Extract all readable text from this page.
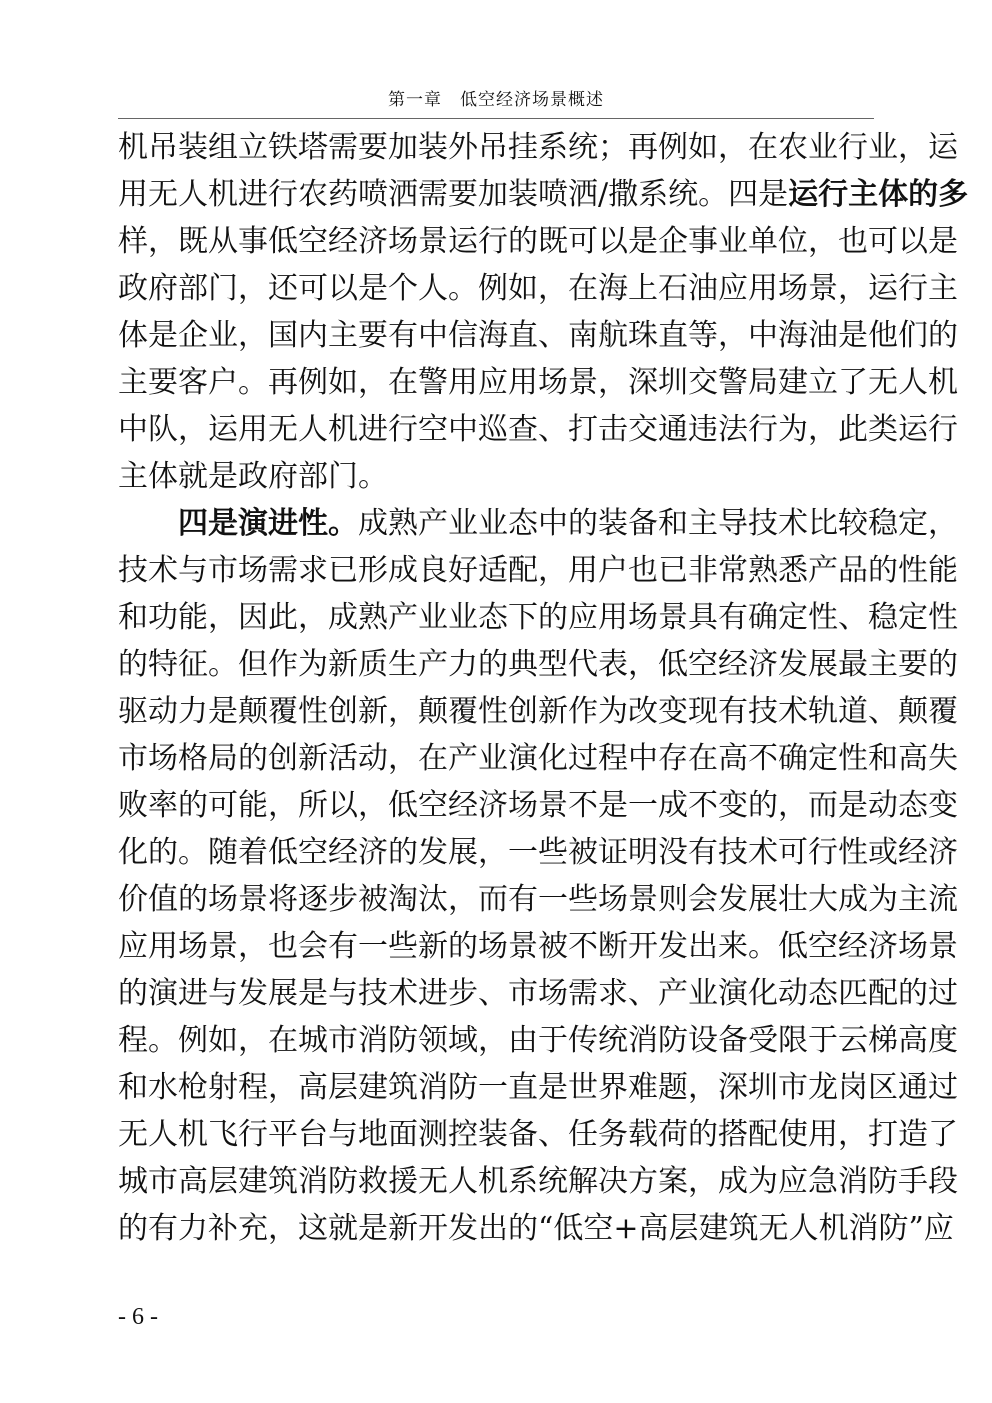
第一章　低空经济场景概述
机吊装组立铁塔需要加装外吊挂系统；再例如，在农业行业，运
用无人机进行农药喷洒需要加装喷洒/撒系统。四是运行主体的多
样，既从事低空经济场景运行的既可以是企事业单位，也可以是
政府部门，还可以是个人。例如，在海上石油应用场景，运行主
体是企业，国内主要有中信海直、南航珠直等，中海油是他们的
主要客户。再例如，在警用应用场景，深圳交警局建立了无人机
中队，运用无人机进行空中巡查、打击交通违法行为，此类运行
主体就是政府部门。
四是演进性。成熟产业业态中的装备和主导技术比较稳定，
技术与市场需求已形成良好适配，用户也已非常熟悉产品的性能
和功能，因此，成熟产业业态下的应用场景具有确定性、稳定性
的特征。但作为新质生产力的典型代表，低空经济发展最主要的
驱动力是颠覆性创新，颠覆性创新作为改变现有技术轨道、颠覆
市场格局的创新活动，在产业演化过程中存在高不确定性和高失
败率的可能，所以，低空经济场景不是一成不变的，而是动态变
化的。随着低空经济的发展，一些被证明没有技术可行性或经济
价值的场景将逐步被淘汰，而有一些场景则会发展壮大成为主流
应用场景，也会有一些新的场景被不断开发出来。低空经济场景
的演进与发展是与技术进步、市场需求、产业演化动态匹配的过
程。例如，在城市消防领域，由于传统消防设备受限于云梯高度
和水枪射程，高层建筑消防一直是世界难题，深圳市龙岗区通过
无人机飞行平台与地面测控装备、任务载荷的搭配使用，打造了
城市高层建筑消防救援无人机系统解决方案，成为应急消防手段
的有力补充，这就是新开发出的“低空+高层建筑无人机消防”应
- 6 -
